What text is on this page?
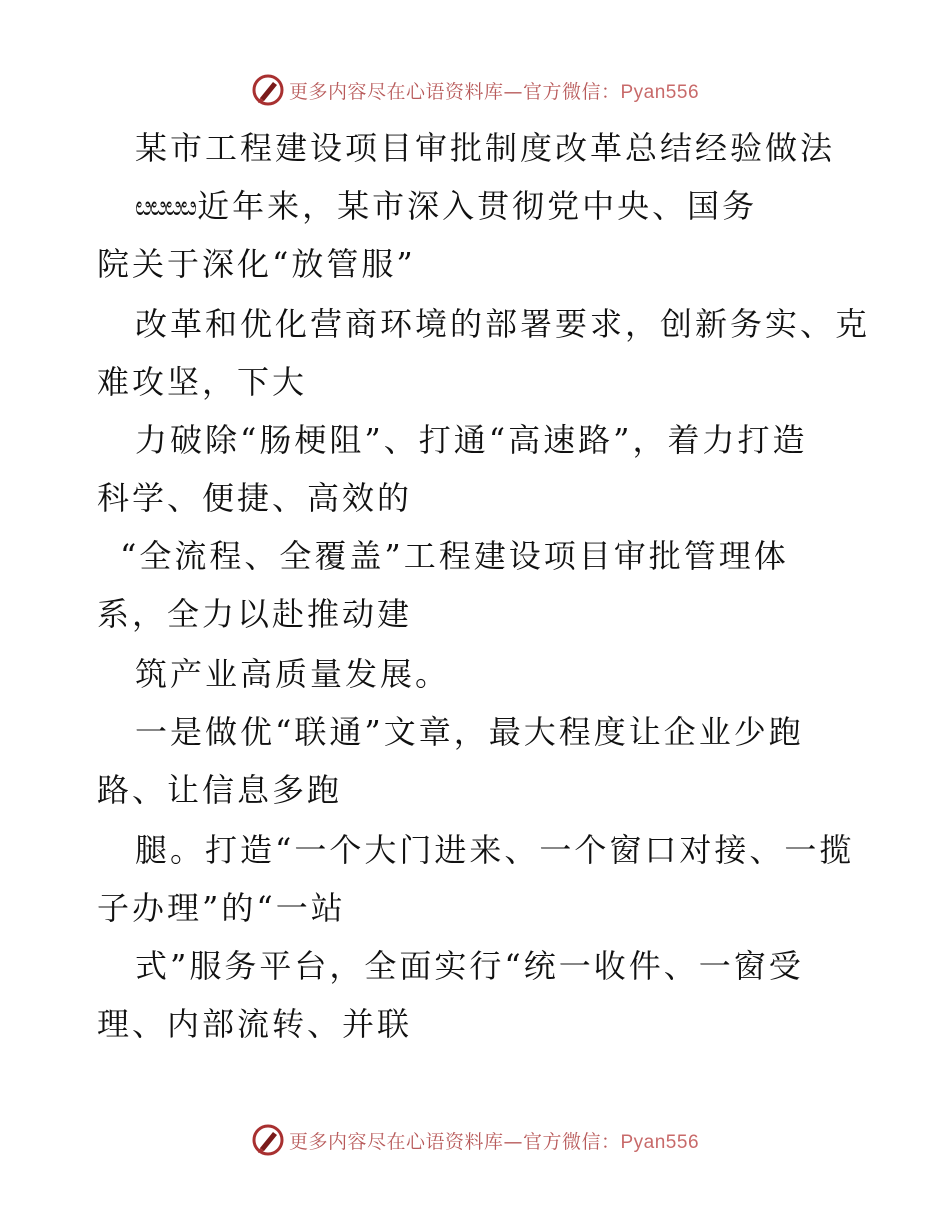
更多内容尽在心语资料库—官方微信：Pyan556
某市工程建设项目审批制度改革总结经验做法
ೞೞೞೞ近年来，某市深入贯彻党中央、国务
院关于深化“放管服”
改革和优化营商环境的部署要求，创新务实、克
难攻坚，下大
力破除“肠梗阻”、打通“高速路”，着力打造
科学、便捷、高效的
“全流程、全覆盖”工程建设项目审批管理体
系，全力以赴推动建
筑产业高质量发展。
一是做优“联通”文章，最大程度让企业少跑
路、让信息多跑
腿。打造“一个大门进来、一个窗口对接、一揽
子办理”的“一站
式”服务平台，全面实行“统一收件、一窗受
理、内部流转、并联
更多内容尽在心语资料库—官方微信：Pyan556
